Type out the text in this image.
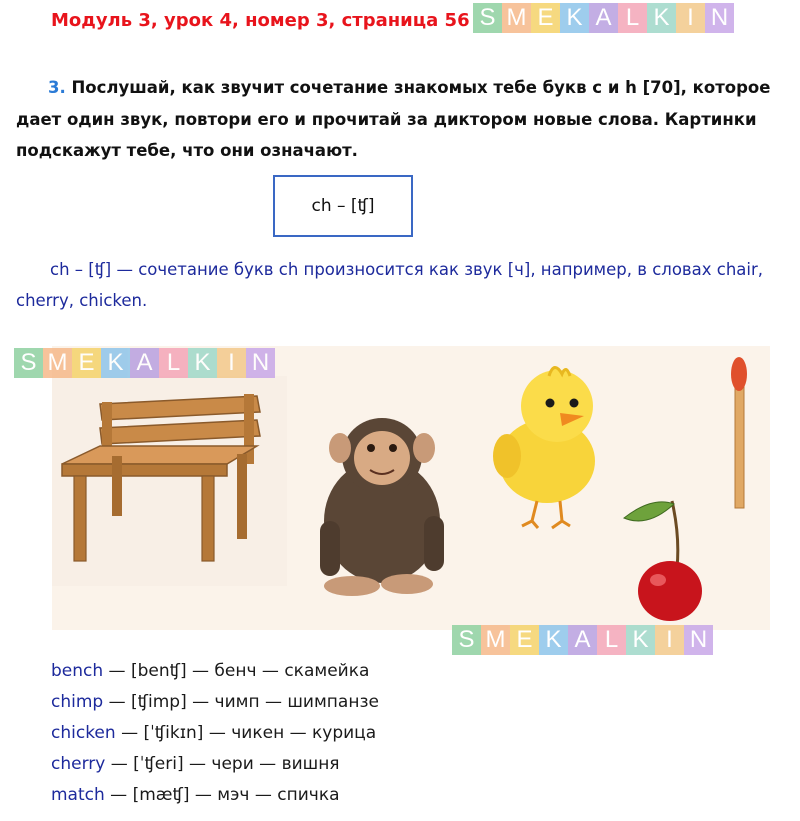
Модуль 3, урок 4, номер 3, страница 56 S M E K A L K I N
3. Послушай, как звучит сочетание знакомых тебе букв c и h [70], которое дает один звук, повтори его и прочитай за диктором новые слова. Картинки подскажут тебе, что они означают.
ch – [ʧ]
ch – [ʧ] — сочетание букв ch произносится как звук [ч], например, в словах chair, cherry, chicken.
S M E K A L K I N
S M E K A L K I N
bench — [benʧ] — бенч — скамейка
chimp — [ʧimp] — чимп — шимпанзе
chicken — [ˈʧikɪn] — чикен — курица
cherry — [ˈʧeri] — чери — вишня
match — [mæʧ] — мэч — спичка
